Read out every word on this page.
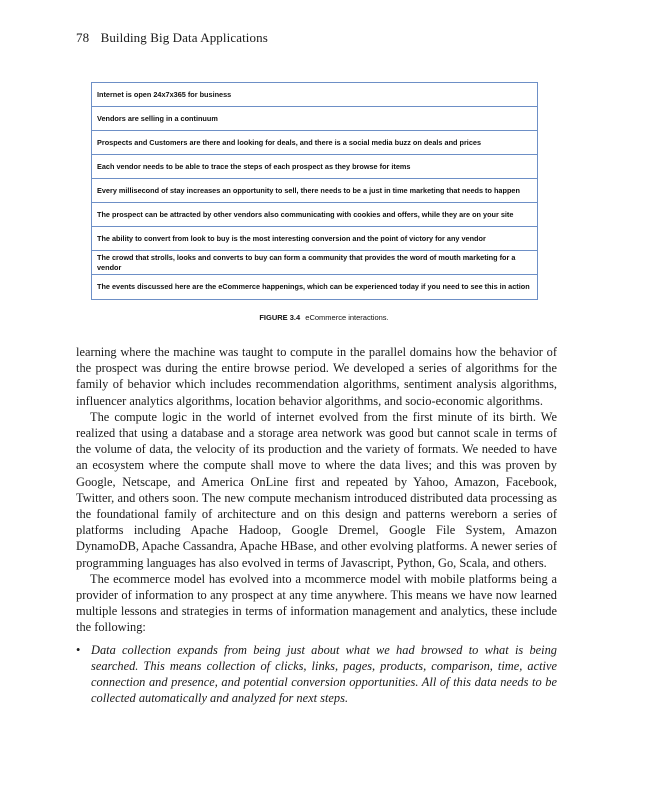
78 Building Big Data Applications
Internet is open 24x7x365 for business
Vendors are selling in a continuum
Prospects and Customers are there and looking for deals, and there is a social media buzz on deals and prices
Each vendor needs to be able to trace the steps of each prospect as they browse for items
Every millisecond of stay increases an opportunity to sell, there needs to be a just in time marketing that needs to happen
The prospect can be attracted by other vendors also communicating with cookies and offers, while they are on your site
The ability to convert from look to buy is the most interesting conversion and the point of victory for any vendor
The crowd that strolls, looks and converts to buy can form a community that provides the word of mouth marketing for a vendor
The events discussed here are the eCommerce happenings, which can be experienced today if you need to see this in action
FIGURE 3.4 eCommerce interactions.

learning where the machine was taught to compute in the parallel domains how the behavior of the prospect was during the entire browse period. We developed a series of algorithms for the family of behavior which includes recommendation algorithms, sentiment analysis algorithms, influencer analytics algorithms, location behavior algorithms, and socio-economic algorithms.

The compute logic in the world of internet evolved from the first minute of its birth. We realized that using a database and a storage area network was good but cannot scale in terms of the volume of data, the velocity of its production and the variety of formats. We needed to have an ecosystem where the compute shall move to where the data lives; and this was proven by Google, Netscape, and America OnLine first and repeated by Yahoo, Amazon, Facebook, Twitter, and others soon. The new compute mechanism introduced distributed data processing as the foundational family of architecture and on this design and patterns wereborn a series of platforms including Apache Hadoop, Google Dremel, Google File System, Amazon DynamoDB, Apache Cassandra, Apache HBase, and other evolving platforms. A newer series of programming languages has also evolved in terms of Javascript, Python, Go, Scala, and others.

The ecommerce model has evolved into a mcommerce model with mobile platforms being a provider of information to any prospect at any time anywhere. This means we have now learned multiple lessons and strategies in terms of information management and analytics, these include the following:

• Data collection expands from being just about what we had browsed to what is being searched. This means collection of clicks, links, pages, products, comparison, time, active connection and presence, and potential conversion opportunities. All of this data needs to be collected automatically and analyzed for next steps.
